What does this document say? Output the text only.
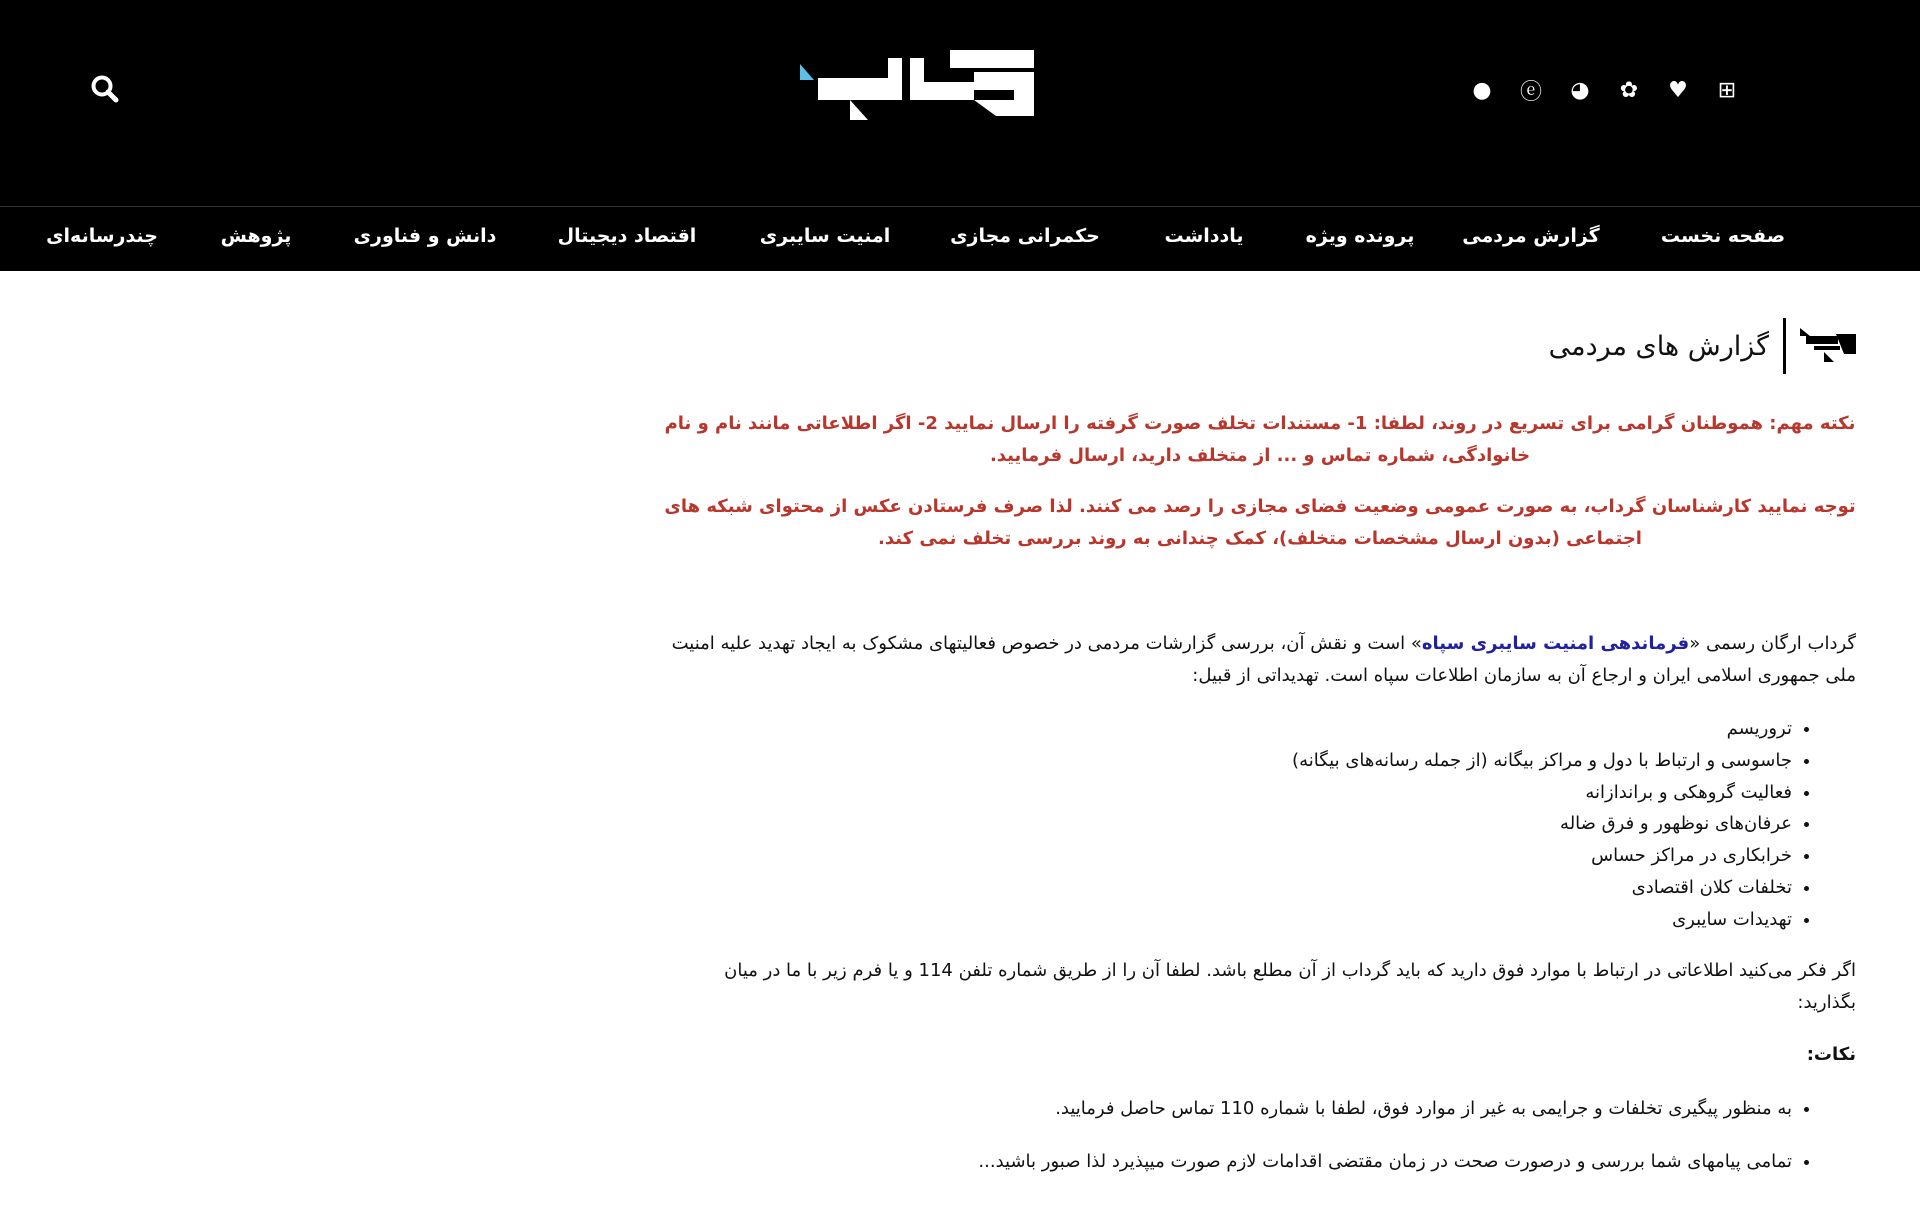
● ⓔ ◕ ✿ ♥ ⊞
صفحه نخست
گزارش مردمی
پرونده ویژه
یادداشت
حکمرانی مجازی
امنیت سایبری
اقتصاد دیجیتال
دانش و فناوری
پژوهش
چندرسانه‌ای
گزارش های مردمی
نکته مهم: هموطنان گرامی برای تسریع در روند، لطفا: 1- مستندات تخلف صورت گرفته را ارسال نمایید 2- اگر اطلاعاتی مانند نام و نام خانوادگی، شماره تماس و ... از متخلف دارید، ارسال فرمایید.
توجه نمایید کارشناسان گرداب، به صورت عمومی وضعیت فضای مجازی را رصد می کنند. لذا صرف فرستادن عکس از محتوای شبکه های اجتماعی (بدون ارسال مشخصات متخلف)، کمک چندانی به روند بررسی تخلف نمی کند.
گرداب ارگان رسمی «فرماندهی امنیت سایبری سپاه» است و نقش آن، بررسی گزارشات مردمی در خصوص فعالیتهای مشکوک به ایجاد تهدید علیه امنیت ملی جمهوری اسلامی ایران و ارجاع آن به سازمان اطلاعات سپاه است. تهدیداتی از قبیل:
• تروریسم
• جاسوسی و ارتباط با دول و مراکز بیگانه (از جمله رسانه‌های بیگانه)
• فعالیت گروهکی و براندازانه
• عرفان‌های نوظهور و فرق ضاله
• خرابکاری در مراکز حساس
• تخلفات کلان اقتصادی
• تهدیدات سایبری
اگر فکر می‌کنید اطلاعاتی در ارتباط با موارد فوق دارید که باید گرداب از آن مطلع باشد. لطفا آن را از طریق شماره تلفن 114 و یا فرم زیر با ما در میان بگذارید:
نکات:
• به منظور پیگیری تخلفات و جرایمی به غیر از موارد فوق، لطفا با شماره 110 تماس حاصل فرمایید.
• تمامی پیامهای شما بررسی و درصورت صحت در زمان مقتضی اقدامات لازم صورت میپذیرد لذا صبور باشید...
